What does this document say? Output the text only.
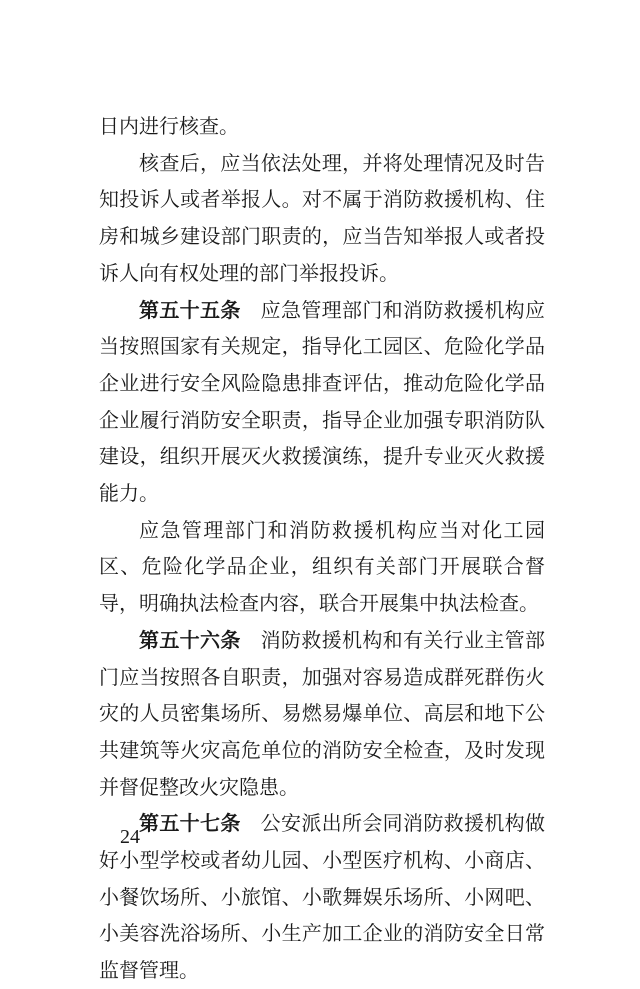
日内进行核查。

核查后，应当依法处理，并将处理情况及时告知投诉人或者举报人。对不属于消防救援机构、住房和城乡建设部门职责的，应当告知举报人或者投诉人向有权处理的部门举报投诉。

第五十五条 应急管理部门和消防救援机构应当按照国家有关规定，指导化工园区、危险化学品企业进行安全风险隐患排查评估，推动危险化学品企业履行消防安全职责，指导企业加强专职消防队建设，组织开展灭火救援演练，提升专业灭火救援能力。

应急管理部门和消防救援机构应当对化工园区、危险化学品企业，组织有关部门开展联合督导，明确执法检查内容，联合开展集中执法检查。

第五十六条 消防救援机构和有关行业主管部门应当按照各自职责，加强对容易造成群死群伤火灾的人员密集场所、易燃易爆单位、高层和地下公共建筑等火灾高危单位的消防安全检查，及时发现并督促整改火灾隐患。

第五十七条 公安派出所会同消防救援机构做好小型学校或者幼儿园、小型医疗机构、小商店、小餐饮场所、小旅馆、小歌舞娱乐场所、小网吧、小美容洗浴场所、小生产加工企业的消防安全日常监督管理。

24
